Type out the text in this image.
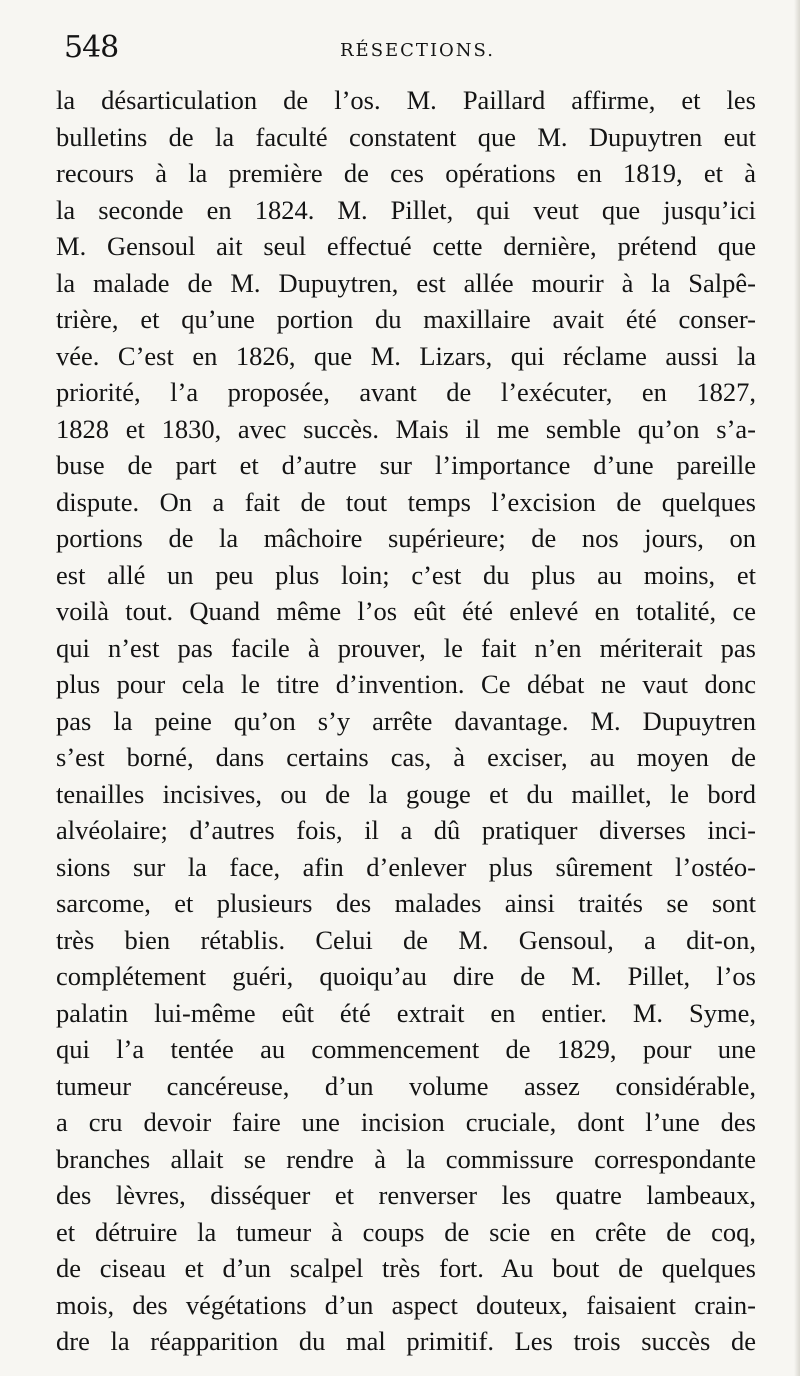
548	RÉSECTIONS.
la désarticulation de l’os. M. Paillard affirme, et les
bulletins de la faculté constatent que M. Dupuytren eut
recours à la première de ces opérations en 1819, et à
la seconde en 1824. M. Pillet, qui veut que jusqu’ici
M. Gensoul ait seul effectué cette dernière, prétend que
la malade de M. Dupuytren, est allée mourir à la Salpê-
trière, et qu’une portion du maxillaire avait été conser-
vée. C’est en 1826, que M. Lizars, qui réclame aussi la
priorité, l’a proposée, avant de l’exécuter, en 1827,
1828 et 1830, avec succès. Mais il me semble qu’on s’a-
buse de part et d’autre sur l’importance d’une pareille
dispute. On a fait de tout temps l’excision de quelques
portions de la mâchoire supérieure; de nos jours, on
est allé un peu plus loin; c’est du plus au moins, et
voilà tout. Quand même l’os eût été enlevé en totalité, ce
qui n’est pas facile à prouver, le fait n’en mériterait pas
plus pour cela le titre d’invention. Ce débat ne vaut donc
pas la peine qu’on s’y arrête davantage. M. Dupuytren
s’est borné, dans certains cas, à exciser, au moyen de
tenailles incisives, ou de la gouge et du maillet, le bord
alvéolaire; d’autres fois, il a dû pratiquer diverses inci-
sions sur la face, afin d’enlever plus sûrement l’ostéo-
sarcome, et plusieurs des malades ainsi traités se sont
très bien rétablis. Celui de M. Gensoul, a dit-on,
complétement guéri, quoiqu’au dire de M. Pillet, l’os
palatin lui-même eût été extrait en entier. M. Syme,
qui l’a tentée au commencement de 1829, pour une
tumeur cancéreuse, d’un volume assez considérable,
a cru devoir faire une incision cruciale, dont l’une des
branches allait se rendre à la commissure correspondante
des lèvres, disséquer et renverser les quatre lambeaux,
et détruire la tumeur à coups de scie en crête de coq,
de ciseau et d’un scalpel très fort. Au bout de quelques
mois, des végétations d’un aspect douteux, faisaient crain-
dre la réapparition du mal primitif. Les trois succès de
